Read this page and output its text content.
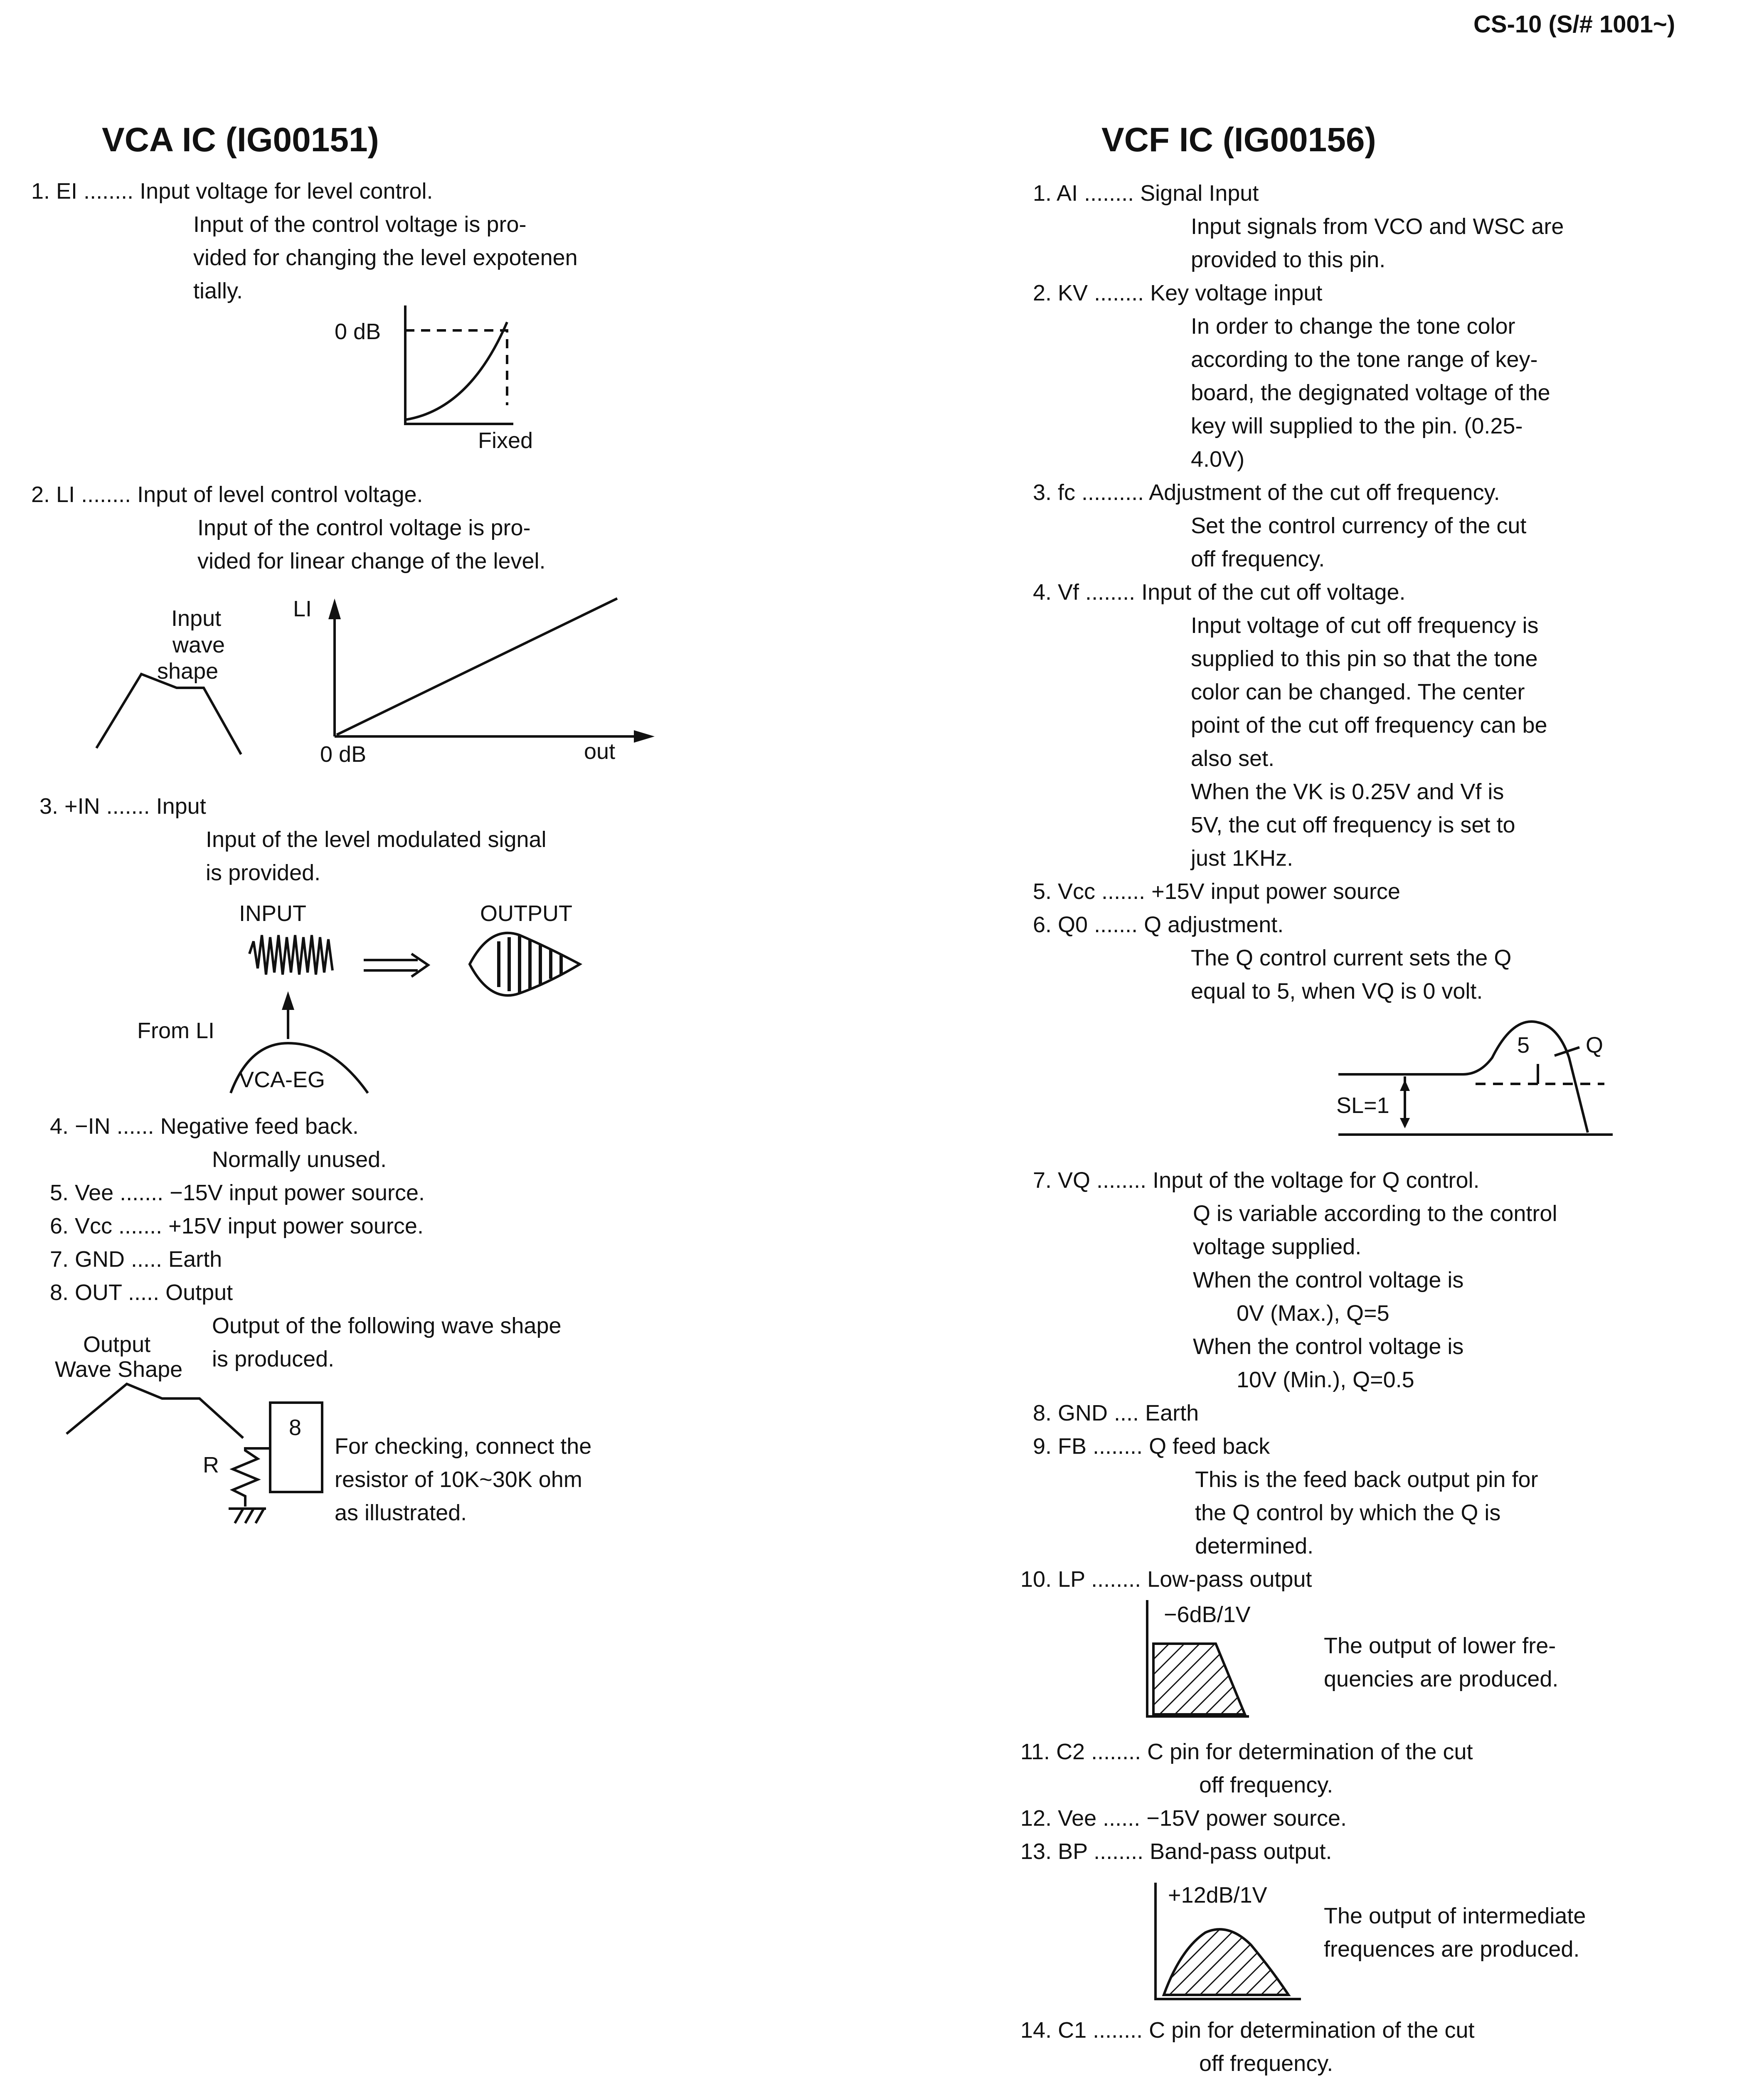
CS-10 (S/# 1001~)
VCA IC (IG00151)
1. EI ........ Input voltage for level control.
Input of the control voltage is pro-
vided for changing the level expotenen
tially.
0 dB
Fixed
2. LI ........ Input of level control voltage.
Input of the control voltage is pro-
vided for linear change of the level.
Input
wave
shape
LI
0 dB	out
3. +IN ....... Input
Input of the level modulated signal
is provided.
INPUT	OUTPUT
From LI
VCA-EG
4. −IN ...... Negative feed back.
Normally unused.
5. Vee ....... −15V input power source.
6. Vcc ....... +15V input power source.
7. GND ..... Earth
8. OUT ..... Output
Output of the following wave shape
is produced.
Output
Wave Shape
R
8
For checking, connect the
resistor of 10K~30K ohm
as illustrated.
VCF IC (IG00156)
1. AI ........ Signal Input
Input signals from VCO and WSC are
provided to this pin.
2. KV ........ Key voltage input
In order to change the tone color
according to the tone range of key-
board, the degignated voltage of the
key will supplied to the pin. (0.25-
4.0V)
3. fc .......... Adjustment of the cut off frequency.
Set the control currency of the cut
off frequency.
4. Vf ........ Input of the cut off voltage.
Input voltage of cut off frequency is
supplied to this pin so that the tone
color can be changed. The center
point of the cut off frequency can be
also set.
When the VK is 0.25V and Vf is
5V, the cut off frequency is set to
just 1KHz.
5. Vcc ....... +15V input power source
6. Q0 ....... Q adjustment.
The Q control current sets the Q
equal to 5, when VQ is 0 volt.
5 Q
SL=1
7. VQ ........ Input of the voltage for Q control.
Q is variable according to the control
voltage supplied.
When the control voltage is
0V (Max.), Q=5
When the control voltage is
10V (Min.), Q=0.5
8. GND .... Earth
9. FB ........ Q feed back
This is the feed back output pin for
the Q control by which the Q is
determined.
10. LP ........ Low-pass output
−6dB/1V
The output of lower fre-
quencies are produced.
11. C2 ........ C pin for determination of the cut
off frequency.
12. Vee ...... −15V power source.
13. BP ........ Band-pass output.
+12dB/1V
The output of intermediate
frequences are produced.
14. C1 ........ C pin for determination of the cut
off frequency.
